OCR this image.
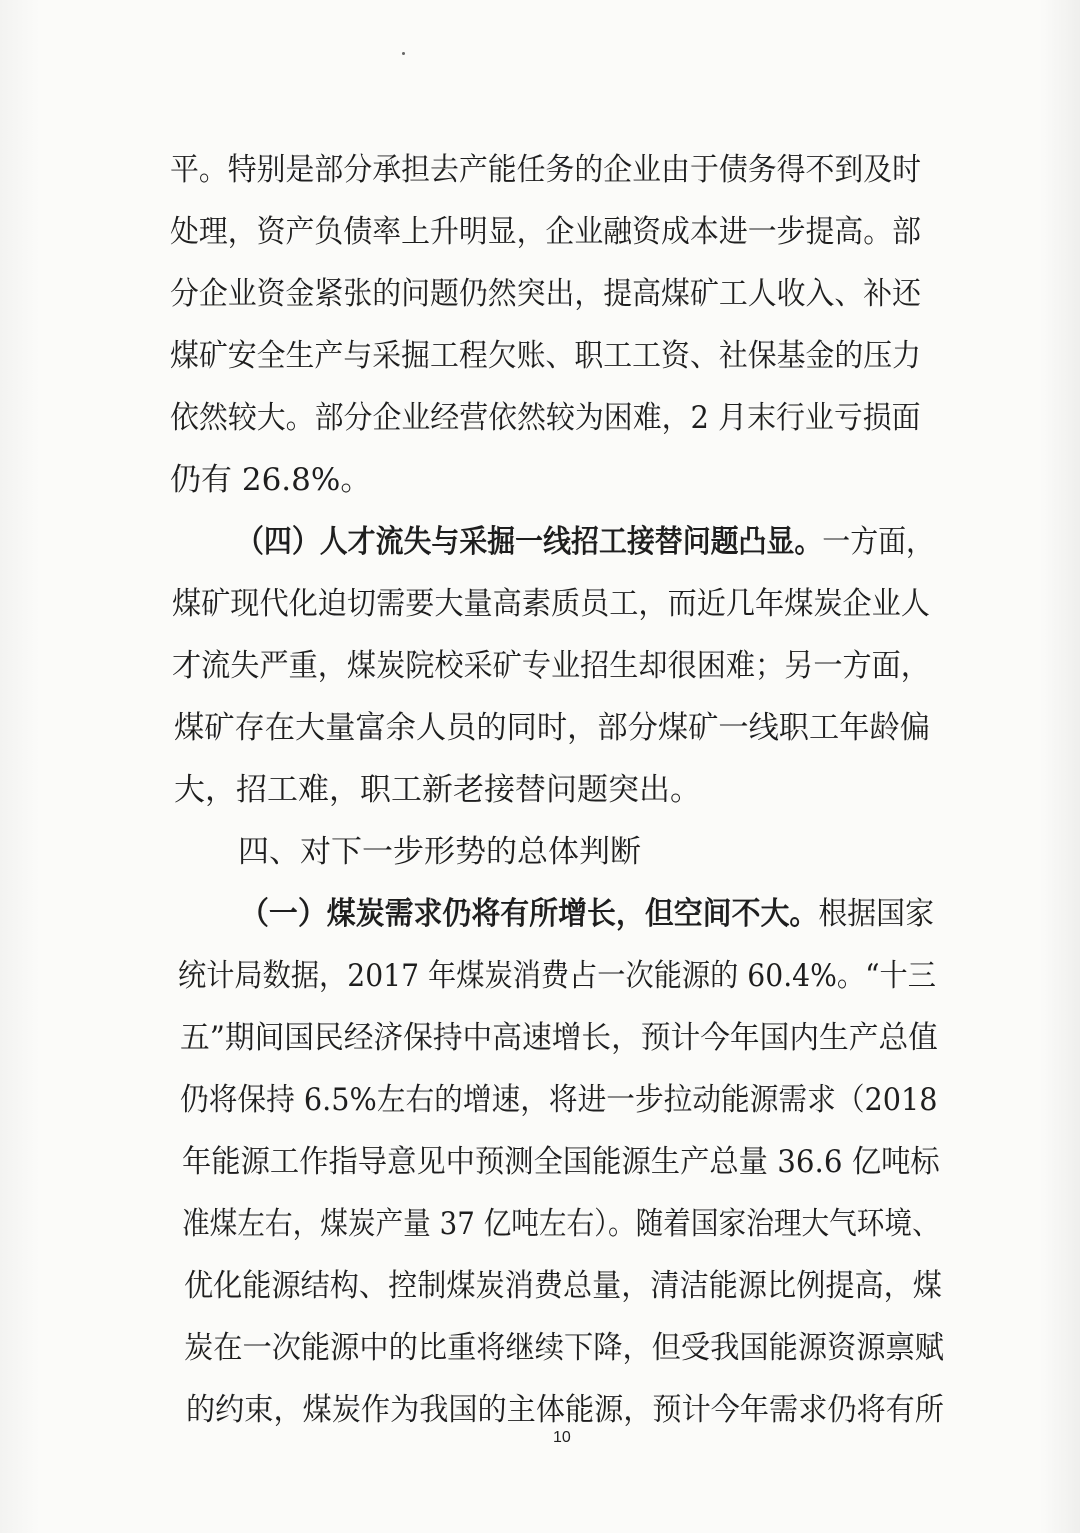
平。特别是部分承担去产能任务的企业由于债务得不到及时

处理，资产负债率上升明显，企业融资成本进一步提高。部

分企业资金紧张的问题仍然突出，提高煤矿工人收入、补还

煤矿安全生产与采掘工程欠账、职工工资、社保基金的压力

依然较大。部分企业经营依然较为困难，2 月末行业亏损面

仍有 26.8%。

（四）人才流失与采掘一线招工接替问题凸显。一方面，

煤矿现代化迫切需要大量高素质员工，而近几年煤炭企业人

才流失严重，煤炭院校采矿专业招生却很困难；另一方面，

煤矿存在大量富余人员的同时，部分煤矿一线职工年龄偏

大，招工难，职工新老接替问题突出。

四、对下一步形势的总体判断

（一）煤炭需求仍将有所增长，但空间不大。根据国家

统计局数据，2017 年煤炭消费占一次能源的 60.4%。“十三

五”期间国民经济保持中高速增长，预计今年国内生产总值

仍将保持 6.5%左右的增速，将进一步拉动能源需求（2018

年能源工作指导意见中预测全国能源生产总量 36.6 亿吨标

准煤左右，煤炭产量 37 亿吨左右）。随着国家治理大气环境、

优化能源结构、控制煤炭消费总量，清洁能源比例提高，煤

炭在一次能源中的比重将继续下降，但受我国能源资源禀赋

的约束，煤炭作为我国的主体能源，预计今年需求仍将有所

10
